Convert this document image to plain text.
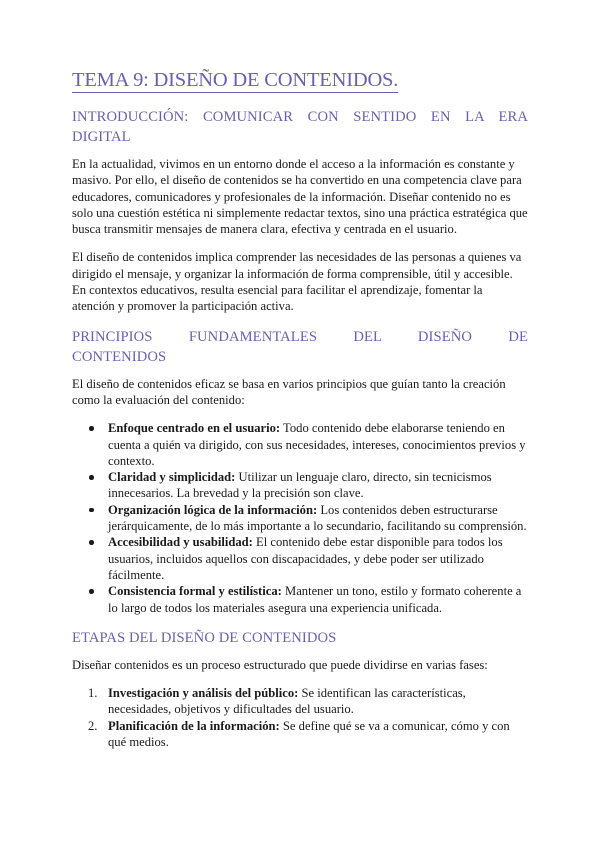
TEMA 9: DISEÑO DE CONTENIDOS.
INTRODUCCIÓN: COMUNICAR CON SENTIDO EN LA ERA
DIGITAL

En la actualidad, vivimos en un entorno donde el acceso a la información es constante y masivo. Por ello, el diseño de contenidos se ha convertido en una competencia clave para educadores, comunicadores y profesionales de la información. Diseñar contenido no es solo una cuestión estética ni simplemente redactar textos, sino una práctica estratégica que busca transmitir mensajes de manera clara, efectiva y centrada en el usuario.

El diseño de contenidos implica comprender las necesidades de las personas a quienes va dirigido el mensaje, y organizar la información de forma comprensible, útil y accesible. En contextos educativos, resulta esencial para facilitar el aprendizaje, fomentar la atención y promover la participación activa.

PRINCIPIOS FUNDAMENTALES DEL DISEÑO DE
CONTENIDOS

El diseño de contenidos eficaz se basa en varios principios que guían tanto la creación como la evaluación del contenido:

Enfoque centrado en el usuario: Todo contenido debe elaborarse teniendo en cuenta a quién va dirigido, con sus necesidades, intereses, conocimientos previos y contexto.
Claridad y simplicidad: Utilizar un lenguaje claro, directo, sin tecnicismos innecesarios. La brevedad y la precisión son clave.
Organización lógica de la información: Los contenidos deben estructurarse jerárquicamente, de lo más importante a lo secundario, facilitando su comprensión.
Accesibilidad y usabilidad: El contenido debe estar disponible para todos los usuarios, incluidos aquellos con discapacidades, y debe poder ser utilizado fácilmente.
Consistencia formal y estilística: Mantener un tono, estilo y formato coherente a lo largo de todos los materiales asegura una experiencia unificada.
ETAPAS DEL DISEÑO DE CONTENIDOS

Diseñar contenidos es un proceso estructurado que puede dividirse en varias fases:

1. Investigación y análisis del público: Se identifican las características, necesidades, objetivos y dificultades del usuario.
2. Planificación de la información: Se define qué se va a comunicar, cómo y con qué medios.
